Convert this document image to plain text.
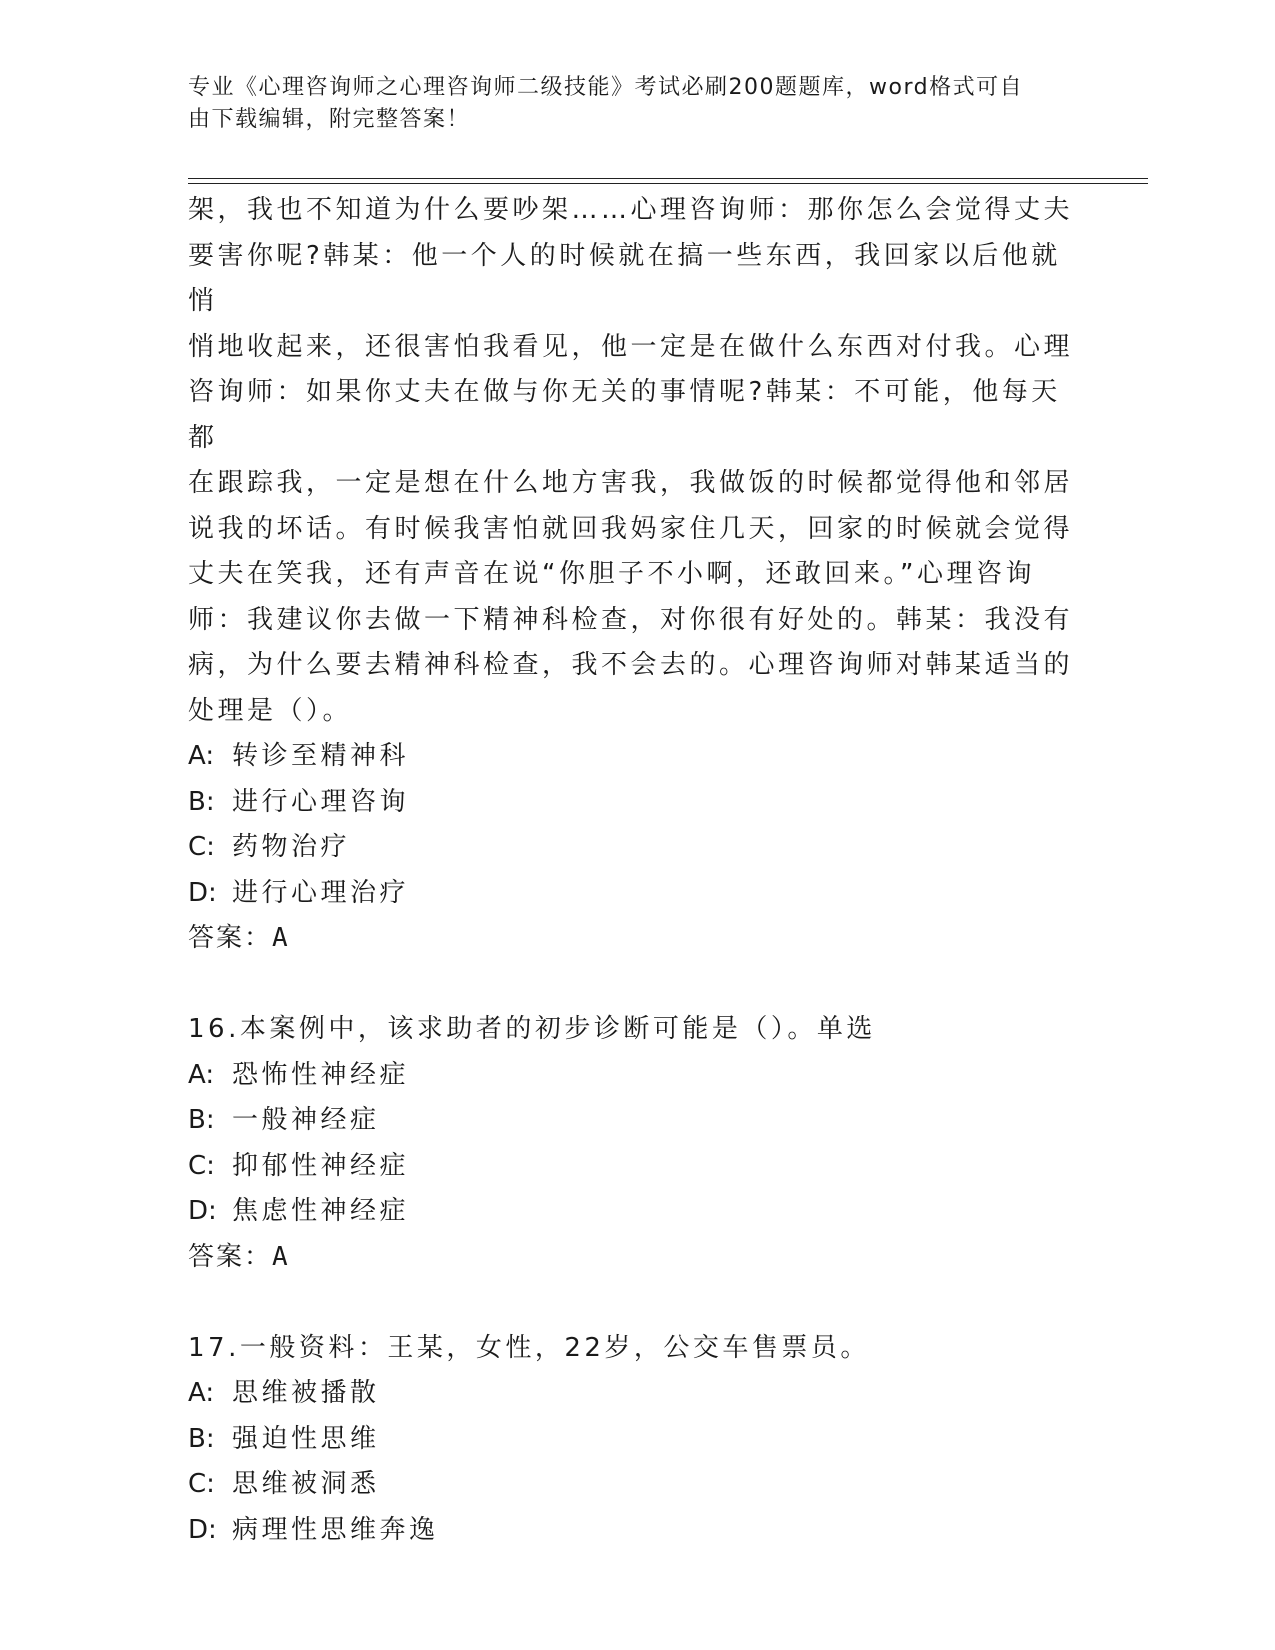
专业《心理咨询师之心理咨询师二级技能》考试必刷200题题库，word格式可自
由下载编辑，附完整答案！

架，我也不知道为什么要吵架……心理咨询师：那你怎么会觉得丈夫

要害你呢?韩某：他一个人的时候就在搞一些东西，我回家以后他就悄

悄地收起来，还很害怕我看见，他一定是在做什么东西对付我。心理

咨询师：如果你丈夫在做与你无关的事情呢?韩某：不可能，他每天都

在跟踪我，一定是想在什么地方害我，我做饭的时候都觉得他和邻居

说我的坏话。有时候我害怕就回我妈家住几天，回家的时候就会觉得

丈夫在笑我，还有声音在说“你胆子不小啊，还敢回来。”心理咨询

师：我建议你去做一下精神科检查，对你很有好处的。韩某：我没有

病，为什么要去精神科检查，我不会去的。心理咨询师对韩某适当的

处理是（）。

A: 转诊至精神科

B: 进行心理咨询

C: 药物治疗

D: 进行心理治疗

答案：A

16.本案例中，该求助者的初步诊断可能是（）。单选

A: 恐怖性神经症

B: 一般神经症

C: 抑郁性神经症

D: 焦虑性神经症

答案：A

17.一般资料：王某，女性，22岁，公交车售票员。

A: 思维被播散

B: 强迫性思维

C: 思维被洞悉

D: 病理性思维奔逸
